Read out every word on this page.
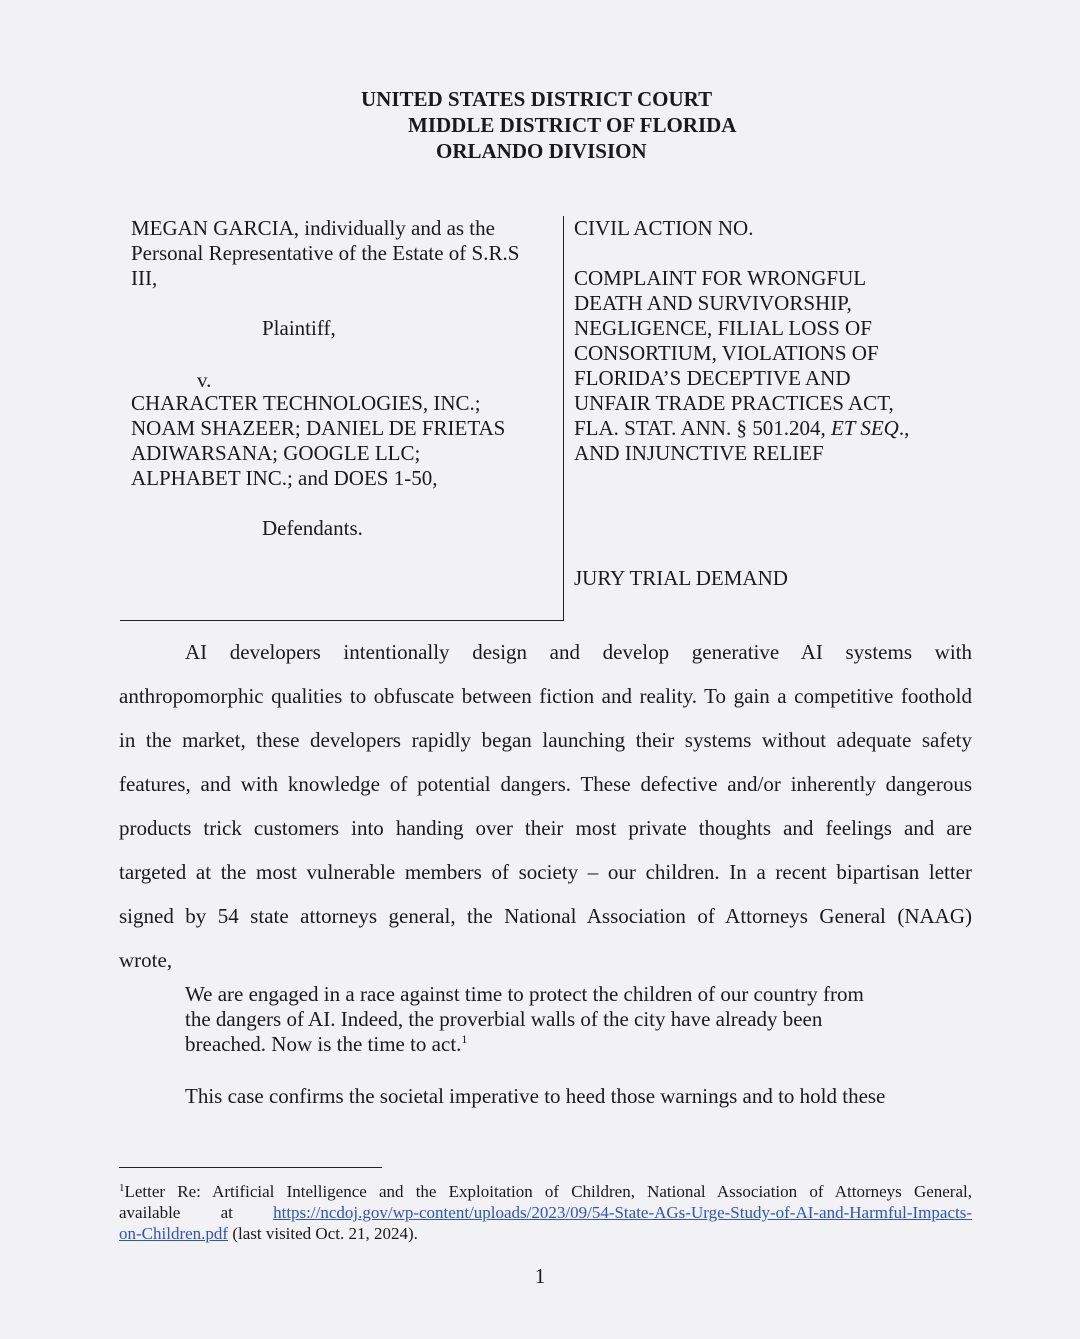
UNITED STATES DISTRICT COURT
MIDDLE DISTRICT OF FLORIDA
ORLANDO DIVISION
MEGAN GARCIA, individually and as the
Personal Representative of the Estate of S.R.S
III,
Plaintiff,
v.
CHARACTER TECHNOLOGIES, INC.;
NOAM SHAZEER; DANIEL DE FRIETAS
ADIWARSANA; GOOGLE LLC;
ALPHABET INC.; and DOES 1-50,
Defendants.
CIVIL ACTION NO.
COMPLAINT FOR WRONGFUL
DEATH AND SURVIVORSHIP,
NEGLIGENCE, FILIAL LOSS OF
CONSORTIUM, VIOLATIONS OF
FLORIDA’S DECEPTIVE AND
UNFAIR TRADE PRACTICES ACT,
FLA. STAT. ANN. § 501.204, ET SEQ.,
AND INJUNCTIVE RELIEF
JURY TRIAL DEMAND
AI developers intentionally design and develop generative AI systems with
anthropomorphic qualities to obfuscate between fiction and reality. To gain a competitive foothold
in the market, these developers rapidly began launching their systems without adequate safety
features, and with knowledge of potential dangers. These defective and/or inherently dangerous
products trick customers into handing over their most private thoughts and feelings and are
targeted at the most vulnerable members of society – our children. In a recent bipartisan letter
signed by 54 state attorneys general, the National Association of Attorneys General (NAAG)
wrote,
We are engaged in a race against time to protect the children of our country from
the dangers of AI. Indeed, the proverbial walls of the city have already been
breached. Now is the time to act.$^1$
This case confirms the societal imperative to heed those warnings and to hold these
$^1$Letter Re: Artificial Intelligence and the Exploitation of Children, National Association of Attorneys General,
available at https://ncdoj.gov/wp-content/uploads/2023/09/54-State-AGs-Urge-Study-of-AI-and-Harmful-Impacts-
on-Children.pdf (last visited Oct. 21, 2024).
1
